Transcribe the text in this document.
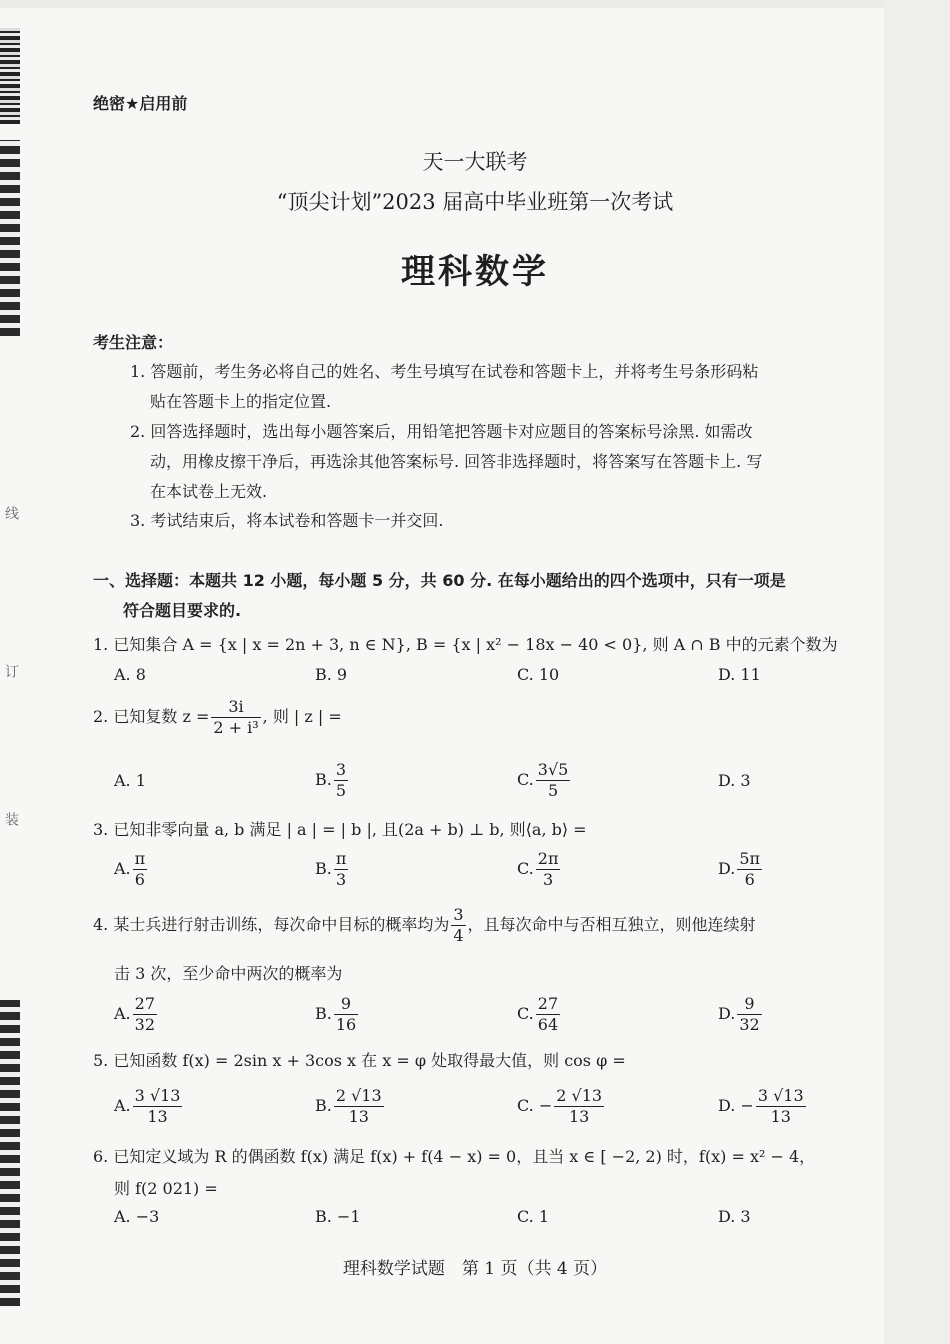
线
订
装
绝密★启用前
天一大联考
“顶尖计划”2023 届高中毕业班第一次考试
理科数学
考生注意：
1. 答题前，考生务必将自己的姓名、考生号填写在试卷和答题卡上，并将考生号条形码粘
贴在答题卡上的指定位置.
2. 回答选择题时，选出每小题答案后，用铅笔把答题卡对应题目的答案标号涂黑. 如需改
动，用橡皮擦干净后，再选涂其他答案标号. 回答非选择题时，将答案写在答题卡上. 写
在本试卷上无效.
3. 考试结束后，将本试卷和答题卡一并交回.
一、选择题：本题共 12 小题，每小题 5 分，共 60 分. 在每小题给出的四个选项中，只有一项是
符合题目要求的.
1. 已知集合 A = {x | x = 2n + 3, n ∈ N}, B = {x | x² − 18x − 40 < 0}, 则 A ∩ B 中的元素个数为
A. 8	B. 9	C. 10	D. 11
2. 已知复数 $z = \frac{3i}{\text{2 + i³}}$ , 则 | z | =
A. 1	B. $\frac{3}{5}$	C. $\frac{3√5}{5}$	D. 3
3. 已知非零向量 a, b 满足 | a | = | b |, 且(2a + b) ⊥ b, 则⟨a, b⟩ =
A. $\frac{\pi}{6}$	B. $\frac{\pi}{3}$	C. $\frac{2\pi}{3}$	D. $\frac{5\pi}{6}$
4. 某士兵进行射击训练，每次命中目标的概率均为 $\frac{3}{4}$ ，且每次命中与否相互独立，则他连续射
击 3 次，至少命中两次的概率为
A. $\frac{27}{32}$	B. $\frac{9}{16}$	C. $\frac{27}{64}$	D. $\frac{9}{32}$
5. 已知函数 f(x) = 2sin x + 3cos x 在 x = φ 处取得最大值，则 cos φ =
A. $\frac{3 √13}{13}$	B. $\frac{2 √13}{13}$	C. − $\frac{2 √13}{13}$	D. − $\frac{3 √13}{13}$
6. 已知定义域为 R 的偶函数 f(x) 满足 f(x) + f(4 − x) = 0，且当 x ∈ [ −2, 2) 时，f(x) = x² − 4，
则 f(2 021) =
A. −3	B. −1	C. 1	D. 3
理科数学试题　第 1 页（共 4 页）
